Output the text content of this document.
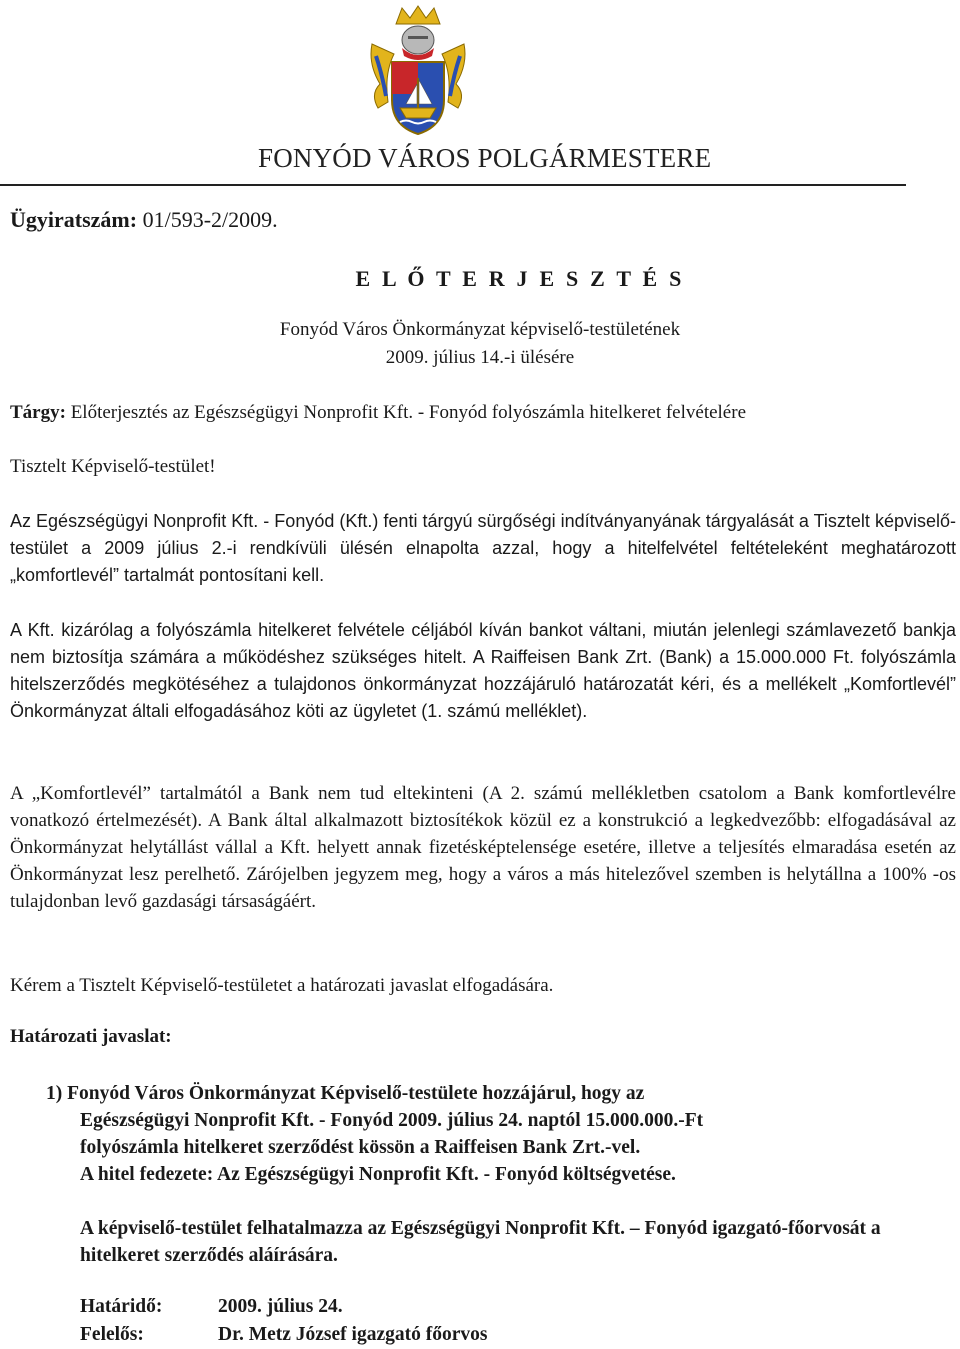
FONYÓD VÁROS POLGÁRMESTERE
Ügyiratszám: 01/593-2/2009.
E L Ő T E R J E S Z T É S
Fonyód Város Önkormányzat képviselő-testületének
2009. július 14.-i ülésére
Tárgy: Előterjesztés az Egészségügyi Nonprofit Kft. - Fonyód folyószámla hitelkeret felvételére
Tisztelt Képviselő-testület!
Az Egészségügyi Nonprofit Kft. - Fonyód (Kft.) fenti tárgyú sürgőségi indítványanyának tárgyalását a Tisztelt képviselő-testület a 2009 július 2.-i rendkívüli ülésén elnapolta azzal, hogy a hitelfelvétel feltételeként meghatározott „komfortlevél” tartalmát pontosítani kell.
A Kft. kizárólag a folyószámla hitelkeret felvétele céljából kíván bankot váltani, miután jelenlegi számlavezető bankja nem biztosítja számára a működéshez szükséges hitelt. A Raiffeisen Bank Zrt. (Bank) a 15.000.000 Ft. folyószámla hitelszerződés megkötéséhez a tulajdonos önkormányzat hozzájáruló határozatát kéri, és a mellékelt „Komfortlevél” Önkormányzat általi elfogadásához köti az ügyletet (1. számú melléklet).
A „Komfortlevél” tartalmától a Bank nem tud eltekinteni (A 2. számú mellékletben csatolom a Bank komfortlevélre vonatkozó értelmezését). A Bank által alkalmazott biztosítékok közül ez a konstrukció a legkedvezőbb: elfogadásával az Önkormányzat helytállást vállal a Kft. helyett annak fizetésképtelensége esetére, illetve a teljesítés elmaradása esetén az Önkormányzat lesz perelhető. Zárójelben jegyzem meg, hogy a város a más hitelezővel szemben is helytállna a 100% -os tulajdonban levő gazdasági társaságáért.
Kérem a Tisztelt Képviselő-testületet a határozati javaslat elfogadására.
Határozati javaslat:
1) Fonyód Város Önkormányzat Képviselő-testülete hozzájárul, hogy az
Egészségügyi Nonprofit Kft. - Fonyód 2009. július 24. naptól 15.000.000.-Ft
folyószámla hitelkeret szerződést kössön a Raiffeisen Bank Zrt.-vel.
A hitel fedezete: Az Egészségügyi Nonprofit Kft. - Fonyód költségvetése.
A képviselő-testület felhatalmazza az Egészségügyi Nonprofit Kft. – Fonyód igazgató-főorvosát a hitelkeret szerződés aláírására.
Határidő:	2009. július 24.
Felelős:	Dr. Metz József igazgató főorvos
